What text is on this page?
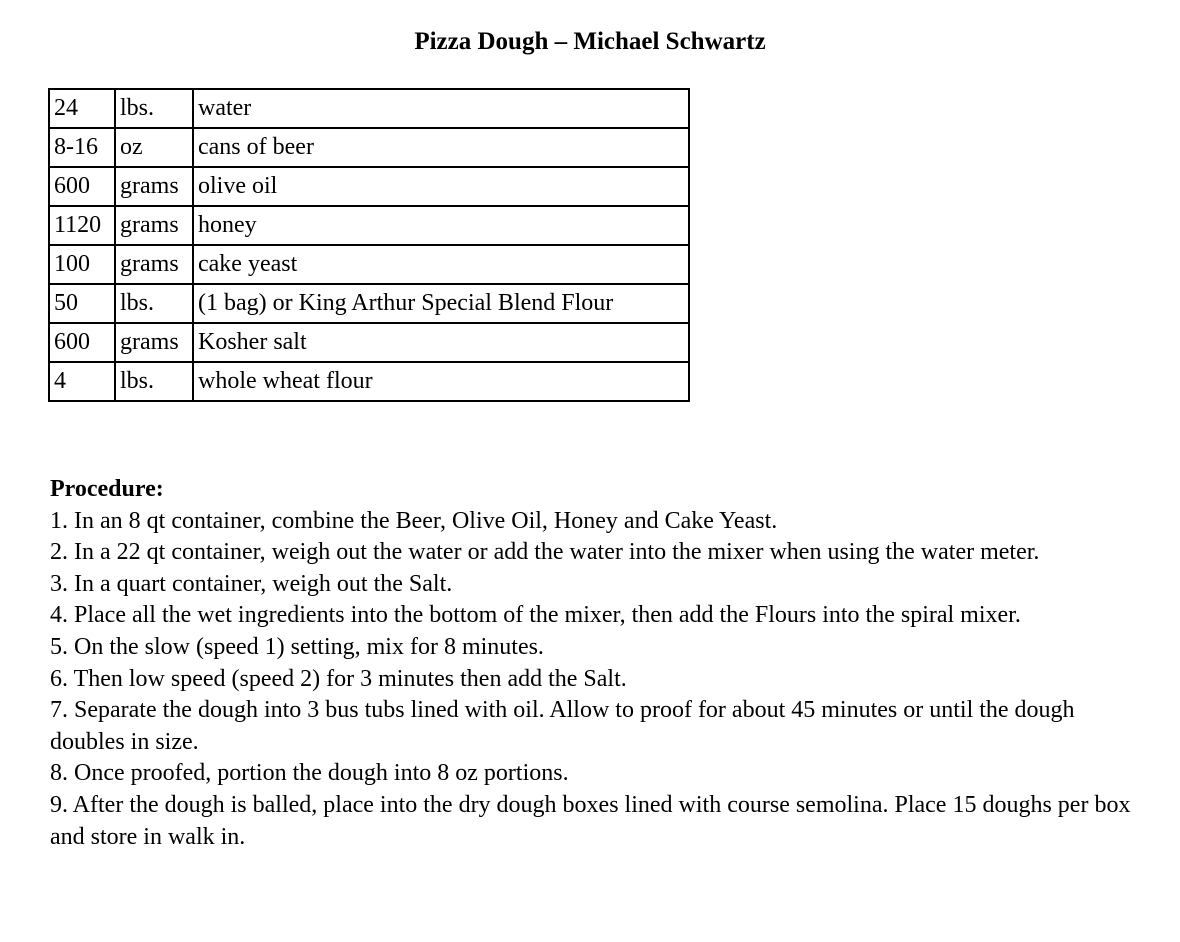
Pizza Dough – Michael Schwartz
24	lbs.	water
8-16	oz	cans of beer
600	grams	olive oil
1120	grams	honey
100	grams	cake yeast
50	lbs.	(1 bag) or King Arthur Special Blend Flour
600	grams	Kosher salt
4	lbs.	whole wheat flour

Procedure:

1. In an 8 qt container, combine the Beer, Olive Oil, Honey and Cake Yeast.
2. In a 22 qt container, weigh out the water or add the water into the mixer when using the water meter.
3. In a quart container, weigh out the Salt.
4. Place all the wet ingredients into the bottom of the mixer, then add the Flours into the spiral mixer.
5. On the slow (speed 1) setting, mix for 8 minutes.
6. Then low speed (speed 2) for 3 minutes then add the Salt.
7. Separate the dough into 3 bus tubs lined with oil. Allow to proof for about 45 minutes or until the dough doubles in size.
8. Once proofed, portion the dough into 8 oz portions.
9. After the dough is balled, place into the dry dough boxes lined with course semolina. Place 15 doughs per box and store in walk in.
